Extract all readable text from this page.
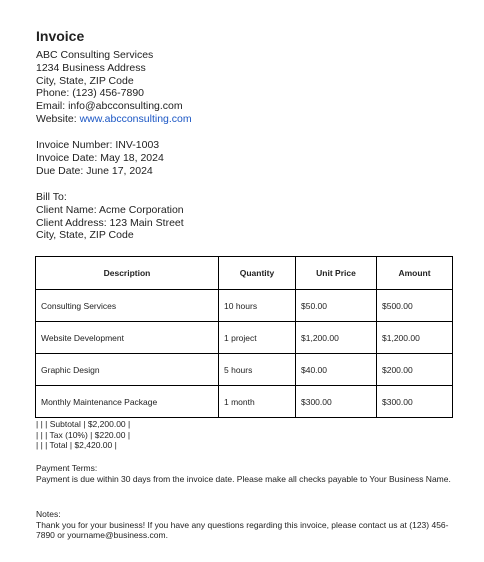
Invoice
ABC Consulting Services
1234 Business Address
City, State, ZIP Code
Phone: (123) 456-7890
Email: info@abcconsulting.com
Website: www.abcconsulting.com
Invoice Number: INV-1003
Invoice Date: May 18, 2024
Due Date: June 17, 2024
Bill To:
Client Name: Acme Corporation
Client Address: 123 Main Street
City, State, ZIP Code
Description	Quantity	Unit Price	Amount
Consulting Services	10 hours	$50.00	$500.00
Website Development	1 project	$1,200.00	$1,200.00
Graphic Design	5 hours	$40.00	$200.00
Monthly Maintenance Package	1 month	$300.00	$300.00
| | | Subtotal | $2,200.00 |
| | | Tax (10%) | $220.00 |
| | | Total | $2,420.00 |
Payment Terms:
Payment is due within 30 days from the invoice date. Please make all checks payable to Your Business Name.
Notes:
Thank you for your business! If you have any questions regarding this invoice, please contact us at (123) 456-7890 or yourname@business.com.
